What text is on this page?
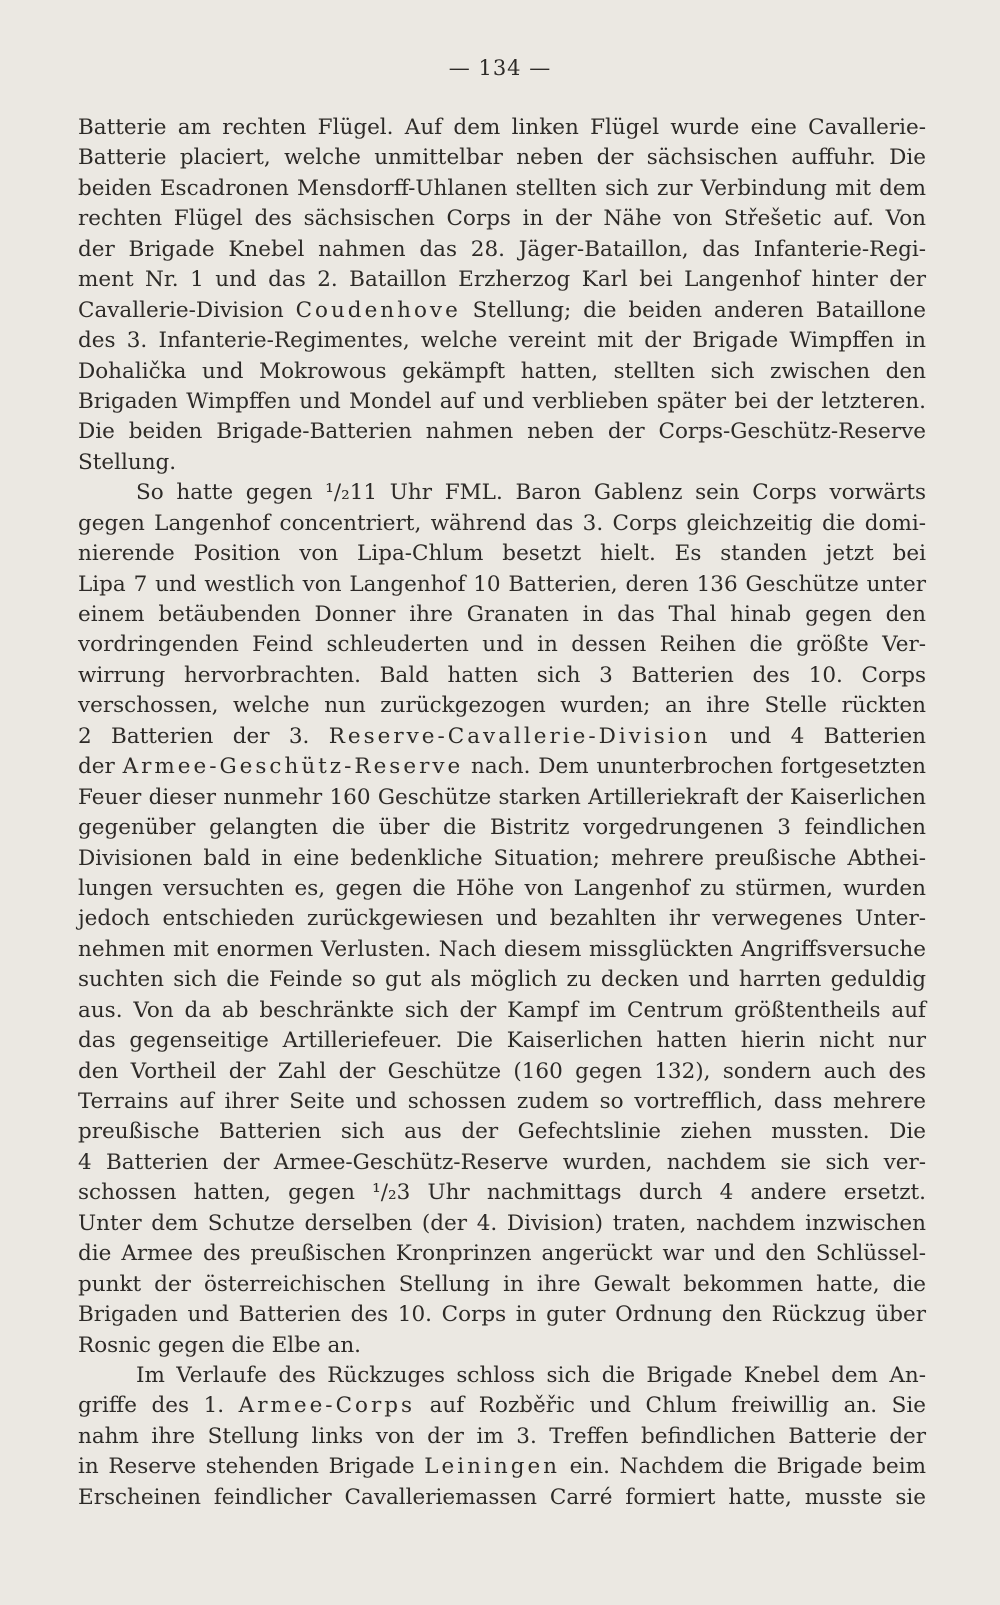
— 134 —
Batterie am rechten Flügel. Auf dem linken Flügel wurde eine Cavallerie-
Batterie placiert, welche unmittelbar neben der sächsischen auffuhr. Die
beiden Escadronen Mensdorff-Uhlanen stellten sich zur Verbindung mit dem
rechten Flügel des sächsischen Corps in der Nähe von Střešetic auf. Von
der Brigade Knebel nahmen das 28. Jäger-Bataillon, das Infanterie-Regi-
ment Nr. 1 und das 2. Bataillon Erzherzog Karl bei Langenhof hinter der
Cavallerie-Division Coudenhove Stellung; die beiden anderen Bataillone
des 3. Infanterie-Regimentes, welche vereint mit der Brigade Wimpffen in
Dohalička und Mokrowous gekämpft hatten, stellten sich zwischen den
Brigaden Wimpffen und Mondel auf und verblieben später bei der letzteren.
Die beiden Brigade-Batterien nahmen neben der Corps-Geschütz-Reserve
Stellung.
So hatte gegen ¹/₂11 Uhr FML. Baron Gablenz sein Corps vorwärts
gegen Langenhof concentriert, während das 3. Corps gleichzeitig die domi-
nierende Position von Lipa-Chlum besetzt hielt. Es standen jetzt bei
Lipa 7 und westlich von Langenhof 10 Batterien, deren 136 Geschütze unter
einem betäubenden Donner ihre Granaten in das Thal hinab gegen den
vordringenden Feind schleuderten und in dessen Reihen die größte Ver-
wirrung hervorbrachten. Bald hatten sich 3 Batterien des 10. Corps
verschossen, welche nun zurückgezogen wurden; an ihre Stelle rückten
2 Batterien der 3. Reserve-Cavallerie-Division und 4 Batterien
der Armee-Geschütz-Reserve nach. Dem ununterbrochen fortgesetzten
Feuer dieser nunmehr 160 Geschütze starken Artilleriekraft der Kaiserlichen
gegenüber gelangten die über die Bistritz vorgedrungenen 3 feindlichen
Divisionen bald in eine bedenkliche Situation; mehrere preußische Abthei-
lungen versuchten es, gegen die Höhe von Langenhof zu stürmen, wurden
jedoch entschieden zurückgewiesen und bezahlten ihr verwegenes Unter-
nehmen mit enormen Verlusten. Nach diesem missglückten Angriffsversuche
suchten sich die Feinde so gut als möglich zu decken und harrten geduldig
aus. Von da ab beschränkte sich der Kampf im Centrum größtentheils auf
das gegenseitige Artilleriefeuer. Die Kaiserlichen hatten hierin nicht nur
den Vortheil der Zahl der Geschütze (160 gegen 132), sondern auch des
Terrains auf ihrer Seite und schossen zudem so vortrefflich, dass mehrere
preußische Batterien sich aus der Gefechtslinie ziehen mussten. Die
4 Batterien der Armee-Geschütz-Reserve wurden, nachdem sie sich ver-
schossen hatten, gegen ¹/₂3 Uhr nachmittags durch 4 andere ersetzt.
Unter dem Schutze derselben (der 4. Division) traten, nachdem inzwischen
die Armee des preußischen Kronprinzen angerückt war und den Schlüssel-
punkt der österreichischen Stellung in ihre Gewalt bekommen hatte, die
Brigaden und Batterien des 10. Corps in guter Ordnung den Rückzug über
Rosnic gegen die Elbe an.
Im Verlaufe des Rückzuges schloss sich die Brigade Knebel dem An-
griffe des 1. Armee-Corps auf Rozběřic und Chlum freiwillig an. Sie
nahm ihre Stellung links von der im 3. Treffen befindlichen Batterie der
in Reserve stehenden Brigade Leiningen ein. Nachdem die Brigade beim
Erscheinen feindlicher Cavalleriemassen Carré formiert hatte, musste sie
